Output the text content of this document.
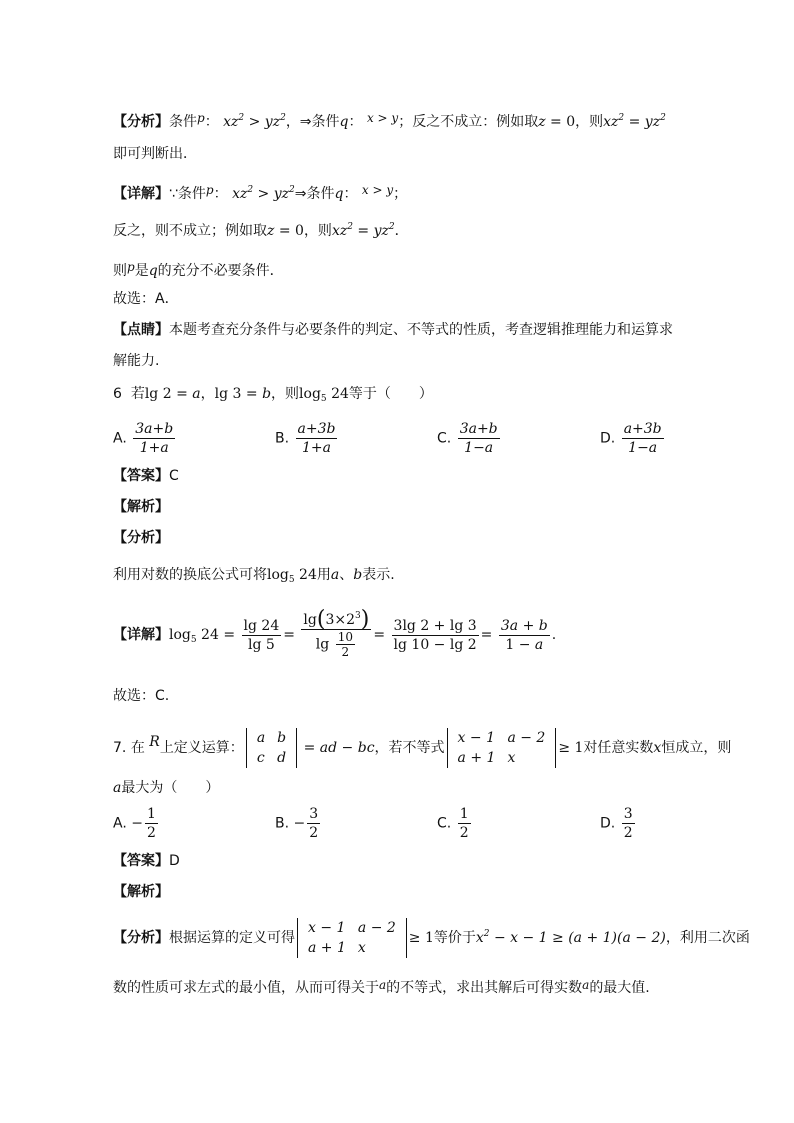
【分析】条件p： $xz^2 > yz^2$，⇒条件q： x > y；反之不成立：例如取z = 0，则$xz^2 = yz^2$
即可判断出．
【详解】∵条件p： $xz^2$ > $yz^2\Rightarrow$条件q： x > y；
反之，则不成立；例如取z = 0，则$xz^2 = yz^2$．
则p是q的充分不必要条件．
故选：A．
【点睛】本题考查充分条件与必要条件的判定、不等式的性质，考查逻辑推理能力和运算求
解能力.
6 若lg 2 = a，lg 3 = b，则$\log_5 24$等于（　　）
A. $\frac{3a+b}{1+a}$	B. $\frac{a+3b}{1+a}$	C. $\frac{3a+b}{1-a}$	D. $\frac{a+3b}{1-a}$
【答案】C
【解析】
【分析】
利用对数的换底公式可将$\log_5 24$用a、b表示.
【详解】$\log_5 24 = \frac{\lg 24}{\lg 5} = \frac{\lg(3\times 2^3)}{\lg \frac{10}{2}} = \frac{3\lg 2 + \lg 3}{\lg 10 - \lg 2} = \frac{3a + b}{1 - a}$ .
故选：C.
7. 在 R上定义运算：a	b
c	d = ad − bc，若不等式x − 1	a − 2
a + 1	x≥ 1对任意实数x恒成立，则
a最大为（　　）
A. − $\frac{1}{2}$	B. − $\frac{3}{2}$	C. $\frac{1}{2}$	D. $\frac{3}{2}$
【答案】D
【解析】
【分析】根据运算的定义可得x − 1	a − 2
a + 1	x≥ 1等价于$x^2 - x - 1 \ge (a + 1)(a - 2)$，利用二次函
数的性质可求左式的最小值，从而可得关于a的不等式，求出其解后可得实数a的最大值.
